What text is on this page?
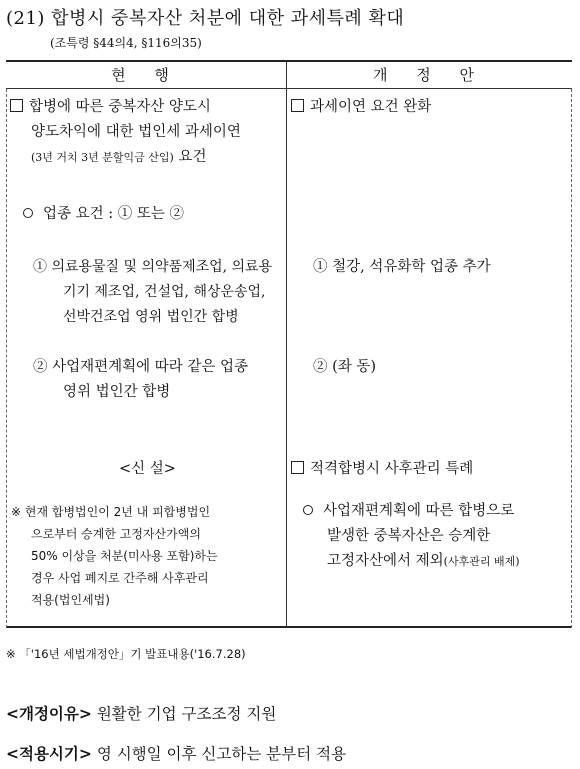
(21) 합병시 중복자산 처분에 대한 과세특례 확대
(조특령 §44의4, §116의35)
현 행	개 정 안
합병에 따른 중복자산 양도시
양도차익에 대한 법인세 과세이연
(3년 거치 3년 분할익금 산입) 요건
업종 요건 : ① 또는 ②
① 의료용물질 및 의약품제조업, 의료용
기기 제조업, 건설업, 해상운송업,
선박건조업 영위 법인간 합병
② 사업재편계획에 따라 같은 업종
영위 법인간 합병
<신 설>
※ 현재 합병법인이 2년 내 피합병법인
으로부터 승계한 고정자산가액의
50% 이상을 처분(미사용 포함)하는
경우 사업 폐지로 간주해 사후관리
적용(법인세법)
과세이연 요건 완화
① 철강, 석유화학 업종 추가
② (좌 동)
적격합병시 사후관리 특례
사업재편계획에 따른 합병으로
발생한 중복자산은 승계한
고정자산에서 제외(사후관리 배제)
※ 「'16년 세법개정안」기 발표내용('16.7.28)
<개정이유> 원활한 기업 구조조정 지원
<적용시기> 영 시행일 이후 신고하는 분부터 적용
